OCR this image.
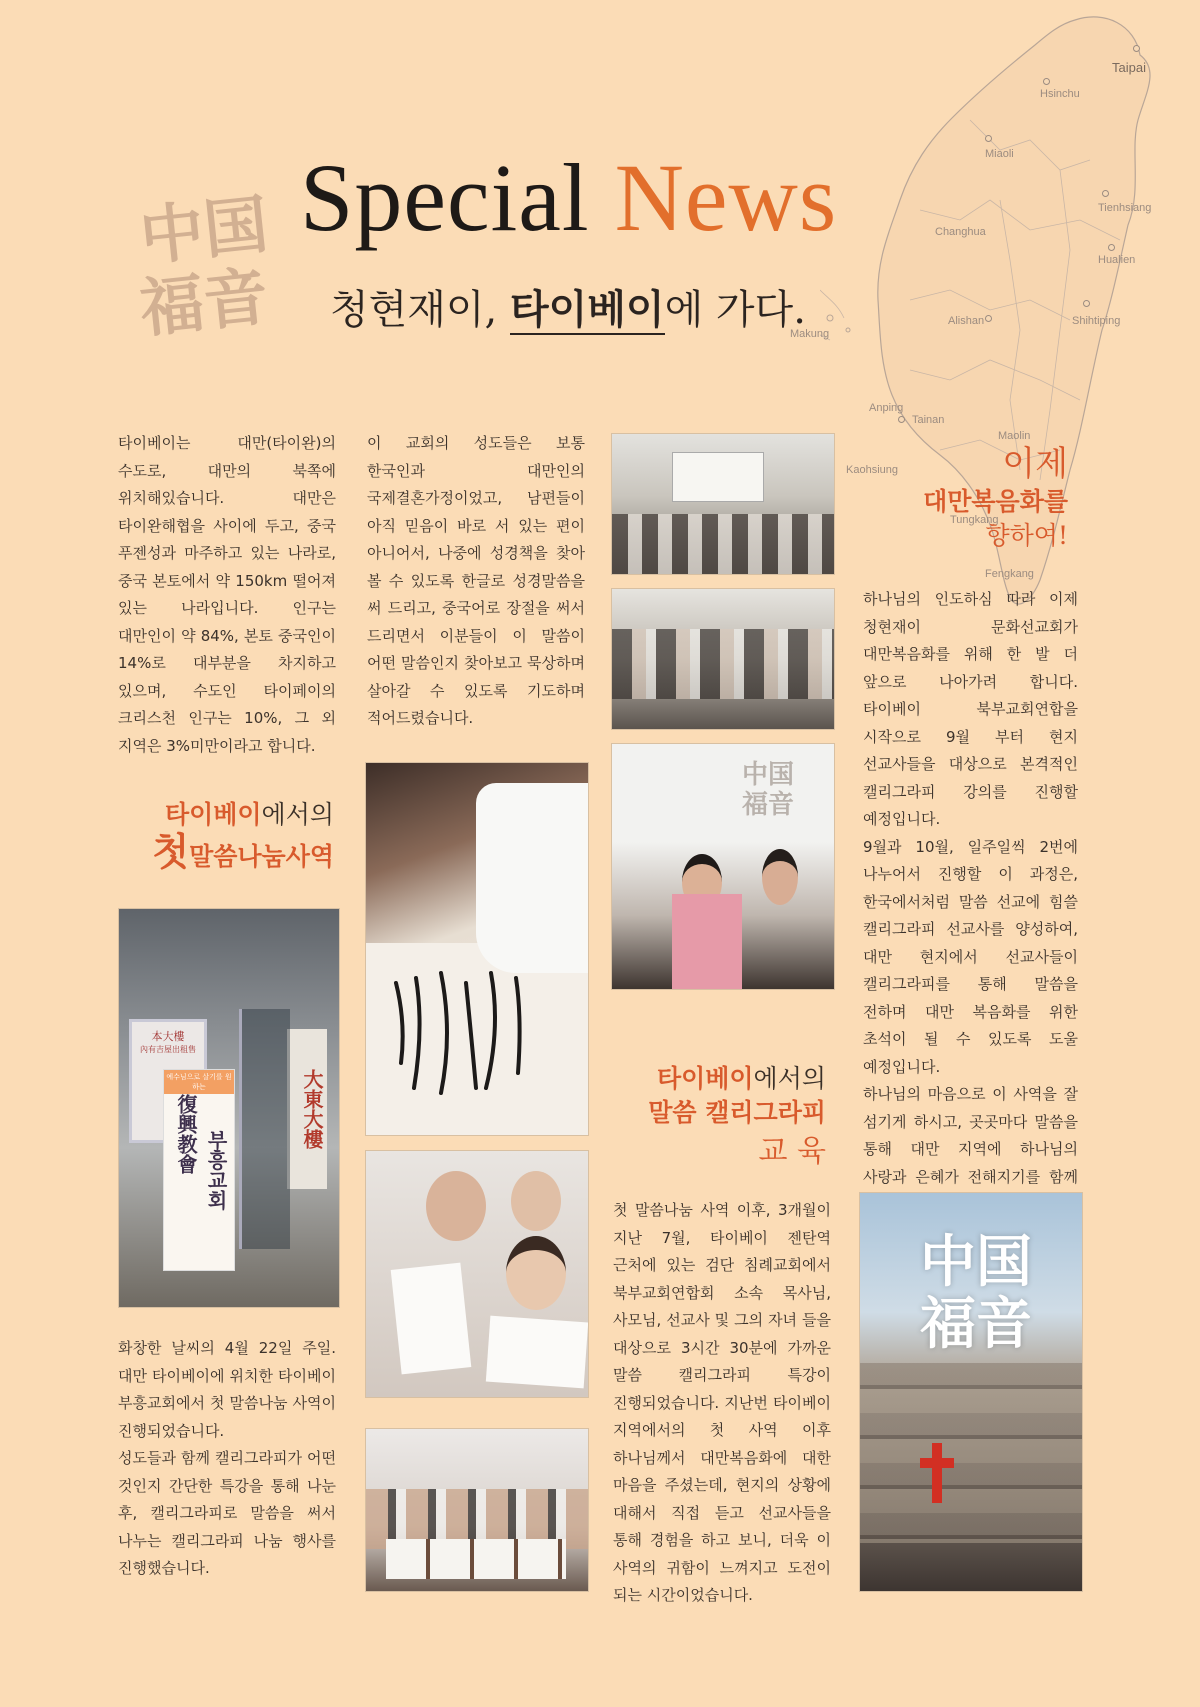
Taipai
Hsinchu
Miaoli
Changhua
Tienhsiang
Hualien
Alishan	Shihtiping
Makung
Anping
Tainan
Kaohsiung
Fengkang
Tungkang
Maolin
中国
福音
Special News
청현재이, 타이베이에 가다.
타이베이는 대만(타이완)의 수도로, 대만의 북쪽에 위치해있습니다. 대만은 타이완해협을 사이에 두고, 중국 푸젠성과 마주하고 있는 나라로, 중국 본토에서 약 150km 떨어져 있는 나라입니다. 인구는 대만인이 약 84%, 본토 중국인이 14%로 대부분을 차지하고 있으며, 수도인 타이페이의 크리스천 인구는 10%, 그 외 지역은 3%미만이라고 합니다.
타이베이에서의
첫말씀나눔사역
本大樓
內有吉屋出租售
예수님으로 살기를 원하는
復興教會 부흥교회
大東大樓
화창한 날씨의 4월 22일 주일. 대만 타이베이에 위치한 타이베이 부흥교회에서 첫 말씀나눔 사역이 진행되었습니다.
성도들과 함께 캘리그라피가 어떤 것인지 간단한 특강을 통해 나눈 후, 캘리그라피로 말씀을 써서 나누는 캘리그라피 나눔 행사를 진행했습니다.
이 교회의 성도들은 보통 한국인과 대만인의 국제결혼가정이었고, 남편들이 아직 믿음이 바로 서 있는 편이 아니어서, 나중에 성경책을 찾아 볼 수 있도록 한글로 성경말씀을 써 드리고, 중국어로 장절을 써서 드리면서 이분들이 이 말씀이 어떤 말씀인지 찾아보고 묵상하며 살아갈 수 있도록 기도하며 적어드렸습니다.
中国
福音
타이베이에서의
말씀 캘리그라피
교 육
첫 말씀나눔 사역 이후, 3개월이 지난 7월, 타이베이 젠탄역 근처에 있는 검단 침례교회에서 북부교회연합회 소속 목사님, 사모님, 선교사 및 그의 자녀 들을 대상으로 3시간 30분에 가까운 말씀 캘리그라피 특강이 진행되었습니다. 지난번 타이베이 지역에서의 첫 사역 이후 하나님께서 대만복음화에 대한 마음을 주셨는데, 현지의 상황에 대해서 직접 듣고 선교사들을 통해 경험을 하고 보니, 더욱 이 사역의 귀함이 느껴지고 도전이 되는 시간이었습니다.
이제
대만복음화를
향하여!
하나님의 인도하심 따라 이제 청현재이 문화선교회가 대만복음화를 위해 한 발 더 앞으로 나아가려 합니다. 타이베이 북부교회연합을 시작으로 9월 부터 현지 선교사들을 대상으로 본격적인 캘리그라피 강의를 진행할 예정입니다.
9월과 10월, 일주일씩 2번에 나누어서 진행할 이 과정은, 한국에서처럼 말씀 선교에 힘쓸 캘리그라피 선교사를 양성하여, 대만 현지에서 선교사들이 캘리그라피를 통해 말씀을 전하며 대만 복음화를 위한 초석이 될 수 있도록 도울 예정입니다.
하나님의 마음으로 이 사역을 잘 섬기게 하시고, 곳곳마다 말씀을 통해 대만 지역에 하나님의 사랑과 은혜가 전해지기를 함께
中国
福音
